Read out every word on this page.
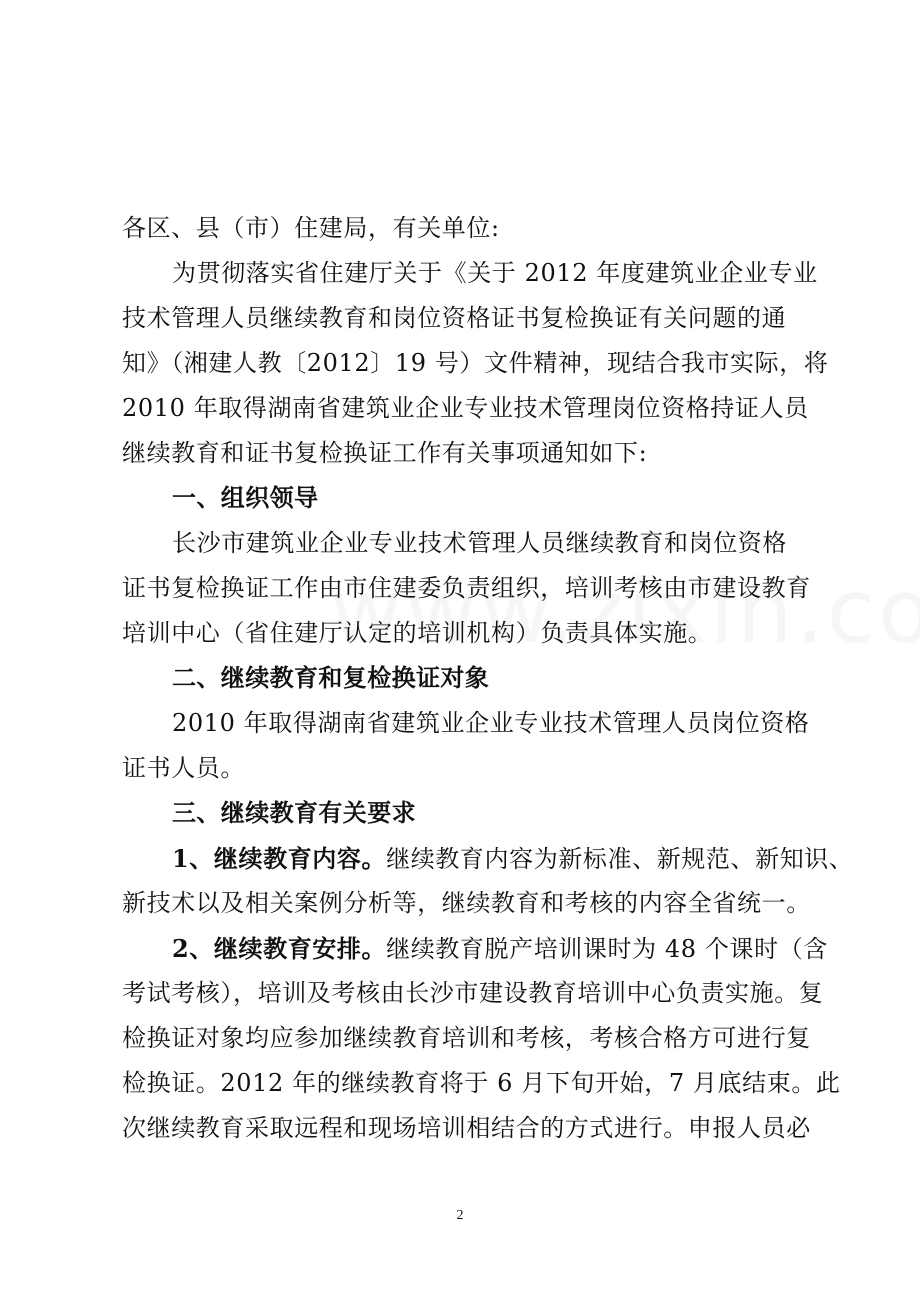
各区、县（市）住建局，有关单位:
为贯彻落实省住建厅关于《关于 2012 年度建筑业企业专业
技术管理人员继续教育和岗位资格证书复检换证有关问题的通
知》（湘建人教〔2012〕19 号）文件精神，现结合我市实际，将
2010 年取得湖南省建筑业企业专业技术管理岗位资格持证人员
继续教育和证书复检换证工作有关事项通知如下:
一、组织领导
长沙市建筑业企业专业技术管理人员继续教育和岗位资格
证书复检换证工作由市住建委负责组织，培训考核由市建设教育
培训中心（省住建厅认定的培训机构）负责具体实施。
二、继续教育和复检换证对象
2010 年取得湖南省建筑业企业专业技术管理人员岗位资格
证书人员。
三、继续教育有关要求
1、继续教育内容。继续教育内容为新标准、新规范、新知识、
新技术以及相关案例分析等，继续教育和考核的内容全省统一。
2、继续教育安排。继续教育脱产培训课时为 48 个课时（含
考试考核），培训及考核由长沙市建设教育培训中心负责实施。复
检换证对象均应参加继续教育培训和考核，考核合格方可进行复
检换证。2012 年的继续教育将于 6 月下旬开始，7 月底结束。此
次继续教育采取远程和现场培训相结合的方式进行。申报人员必
2
